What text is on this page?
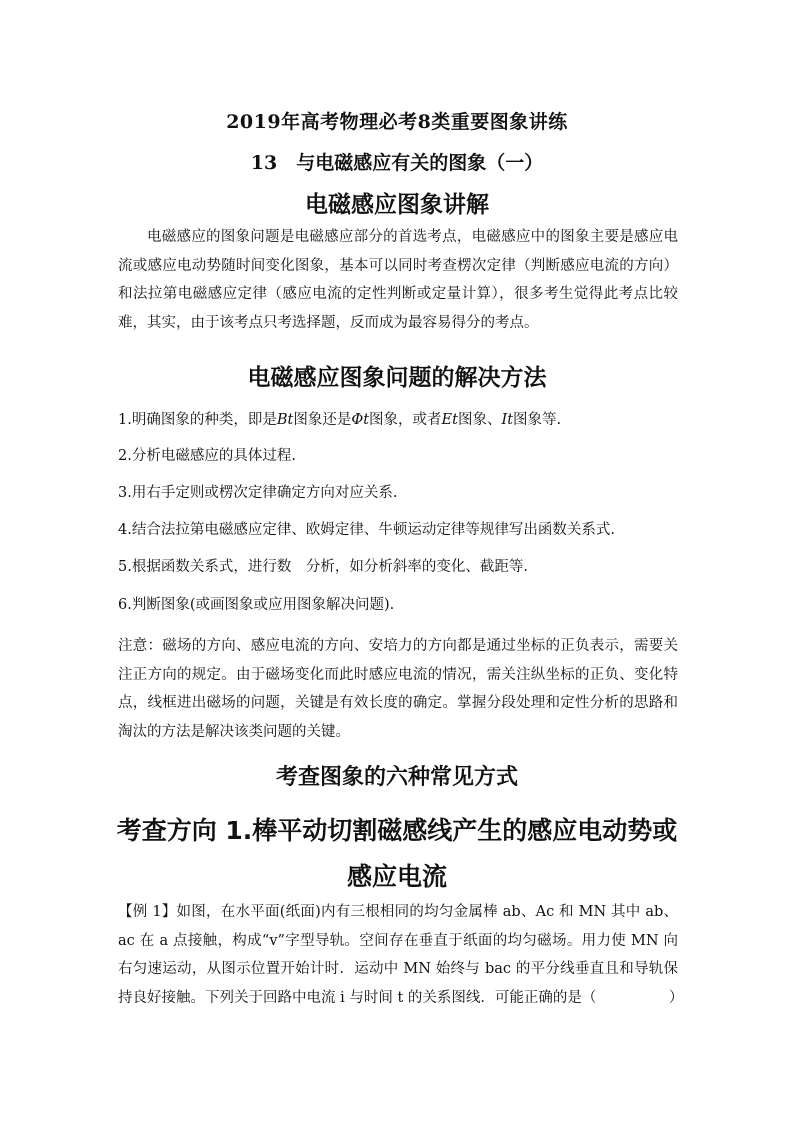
2019年高考物理必考8类重要图象讲练
13　与电磁感应有关的图象（一）
电磁感应图象讲解
电磁感应的图象问题是电磁感应部分的首选考点，电磁感应中的图象主要是感应电流或感应电动势随时间变化图象，基本可以同时考查楞次定律（判断感应电流的方向）和法拉第电磁感应定律（感应电流的定性判断或定量计算），很多考生觉得此考点比较难，其实，由于该考点只考选择题，反而成为最容易得分的考点。
电磁感应图象问题的解决方法
1.明确图象的种类，即是Bt图象还是Φt图象，或者Et图象、It图象等.
2.分析电磁感应的具体过程.
3.用右手定则或楞次定律确定方向对应关系.
4.结合法拉第电磁感应定律、欧姆定律、牛顿运动定律等规律写出函数关系式.
5.根据函数关系式，进行数　分析，如分析斜率的变化、截距等.
6.判断图象(或画图象或应用图象解决问题).
注意：磁场的方向、感应电流的方向、安培力的方向都是通过坐标的正负表示，需要关注正方向的规定。由于磁场变化而此时感应电流的情况，需关注纵坐标的正负、变化特点，线框进出磁场的问题，关键是有效长度的确定。掌握分段处理和定性分析的思路和淘汰的方法是解决该类问题的关键。
考查图象的六种常见方式
考查方向 1.棒平动切割磁感线产生的感应电动势或感应电流
【例 1】如图，在水平面(纸面)内有三根相同的均匀金属棒 ab、Ac 和 MN 其中 ab、ac 在 a 点接触，构成“v”字型导轨。空间存在垂直于纸面的均匀磁场。用力使 MN 向右匀速运动，从图示位置开始计时．运动中 MN 始终与 bac 的平分线垂直且和导轨保持良好接触。下列关于回路中电流 i 与时间 t 的关系图线．可能正确的是（　　　　　）
